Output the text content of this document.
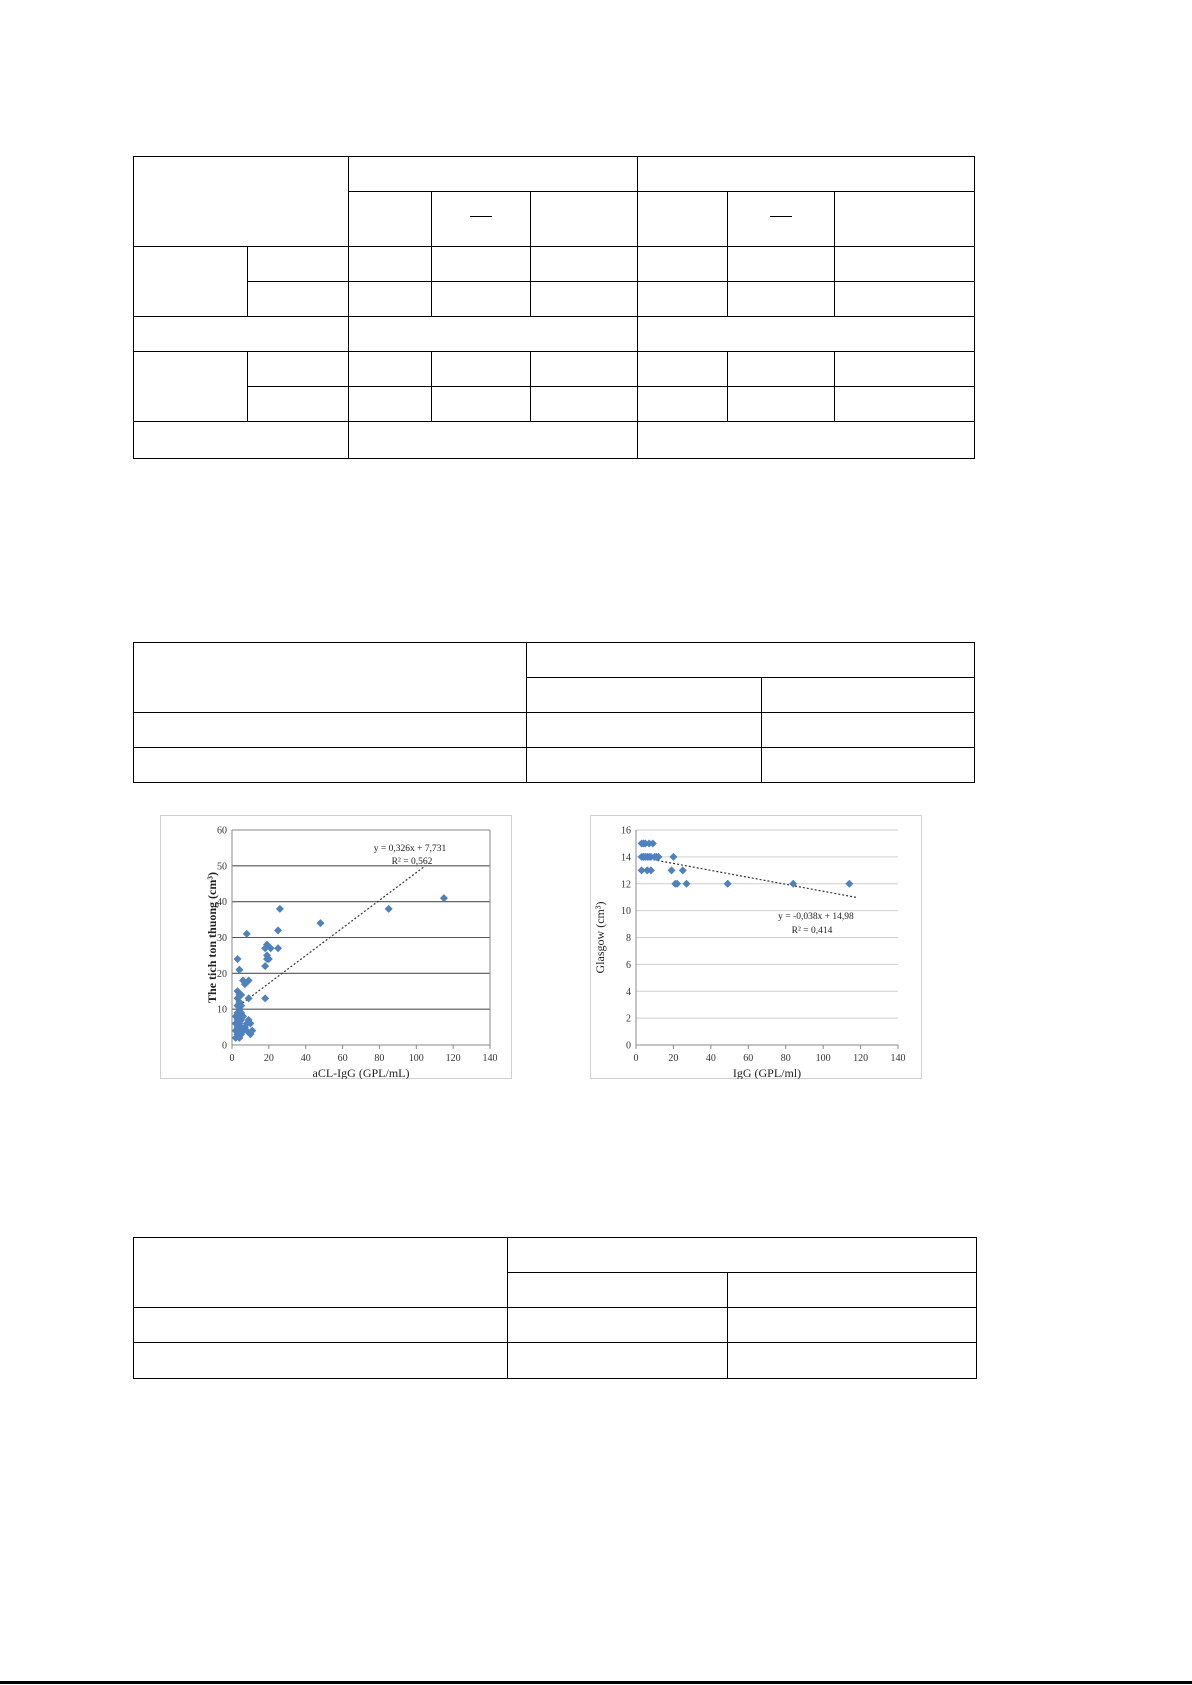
0
10
20
30
40
50
60
0	20	40	60	80 100 120 140
y = 0,326x + 7,731
R² = 0,562
aCL-IgG (GPL/mL)
The tich ton thuong (cm³)
0
2
4
6
8
10
12
14
16
0	20	40	60	80 100 120 140
y = -0,038x + 14,98
R² = 0,414
IgG (GPL/ml)
Glasgow (cm³)
